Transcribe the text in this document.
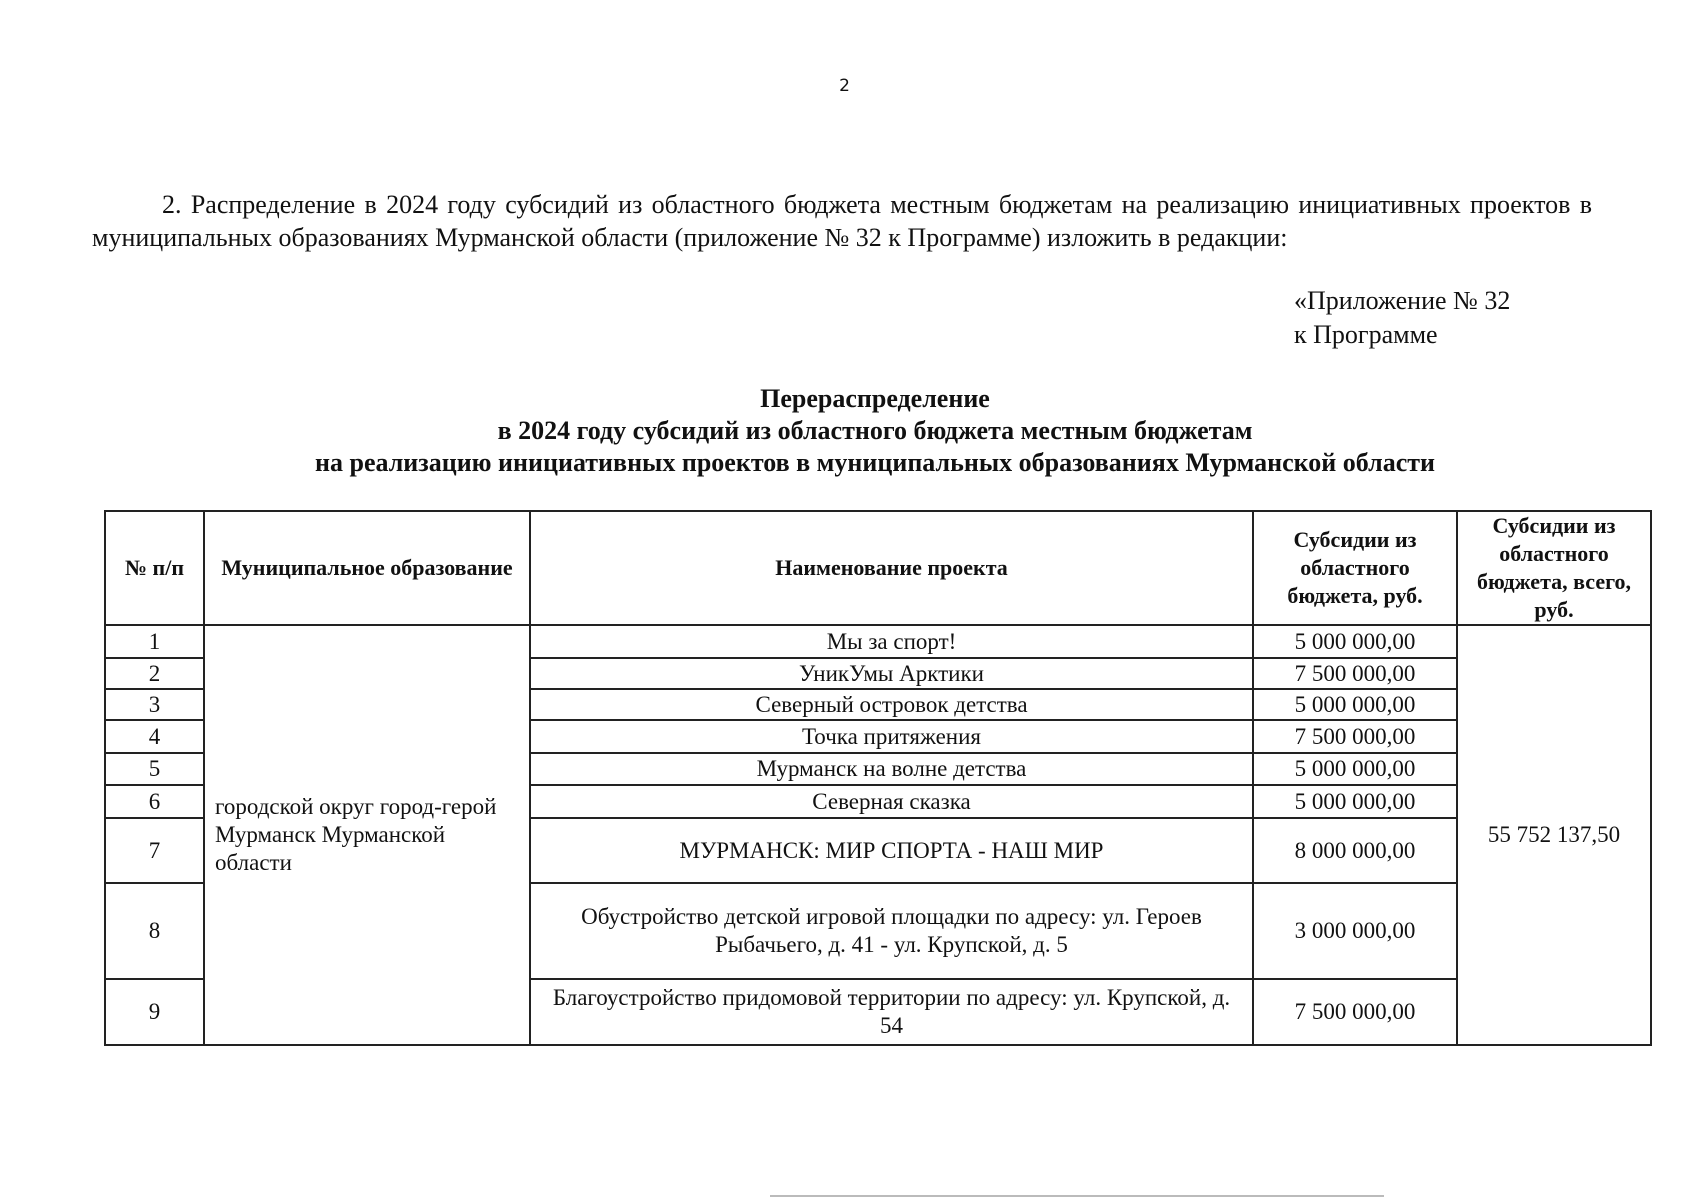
2

2. Распределение в 2024 году субсидий из областного бюджета местным бюджетам на реализацию инициативных проектов в муниципальных образованиях Мурманской области (приложение № 32 к Программе) изложить в редакции:

«Приложение № 32
к Программе
Перераспределение
в 2024 году субсидий из областного бюджета местным бюджетам
на реализацию инициативных проектов в муниципальных образованиях Мурманской области
№ п/п	Муниципальное образование	Наименование проекта	Субсидии из областного бюджета, руб.	Субсидии из областного бюджета, всего, руб.
1	городской округ город-герой Мурманск Мурманской области	Мы за спорт!	5 000 000,00	55 752 137,50
2		УникУмы Арктики	7 500 000,00	
3		Северный островок детства	5 000 000,00	
4		Точка притяжения	7 500 000,00	
5		Мурманск на волне детства	5 000 000,00	
6		Северная сказка	5 000 000,00	
7		МУРМАНСК: МИР СПОРТА - НАШ МИР	8 000 000,00	
8		Обустройство детской игровой площадки по адресу: ул. Героев Рыбачьего, д. 41 - ул. Крупской, д. 5	3 000 000,00	
9		Благоустройство придомовой территории по адресу: ул. Крупской, д. 54	7 500 000,00	
